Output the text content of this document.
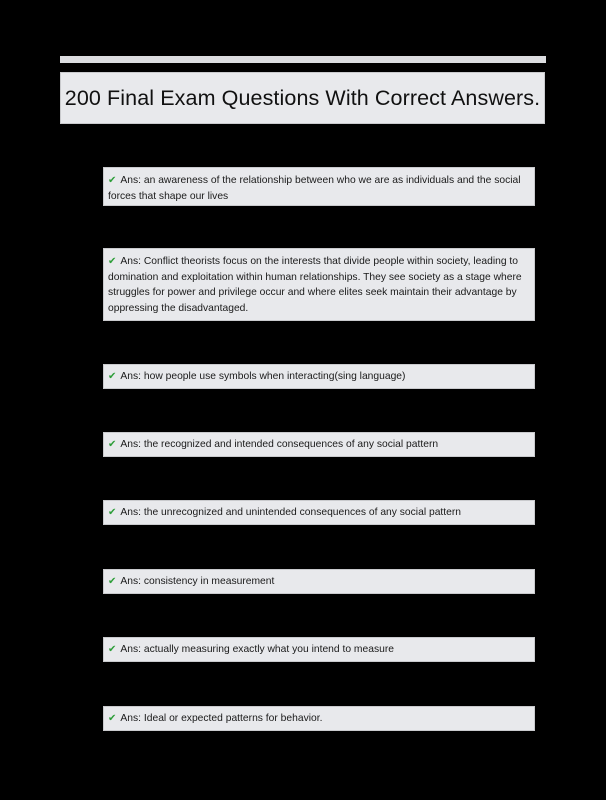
200 Final Exam Questions With Correct Answers.
✔ Ans: an awareness of the relationship between who we are as individuals and the social forces that shape our lives
✔ Ans: Conflict theorists focus on the interests that divide people within society, leading to domination and exploitation within human relationships. They see society as a stage where struggles for power and privilege occur and where elites seek maintain their advantage by oppressing the disadvantaged.
✔ Ans: how people use symbols when interacting(sing language)
✔ Ans: the recognized and intended consequences of any social pattern
✔ Ans: the unrecognized and unintended consequences of any social pattern
✔ Ans: consistency in measurement
✔ Ans: actually measuring exactly what you intend to measure
✔ Ans: Ideal or expected patterns for behavior.
